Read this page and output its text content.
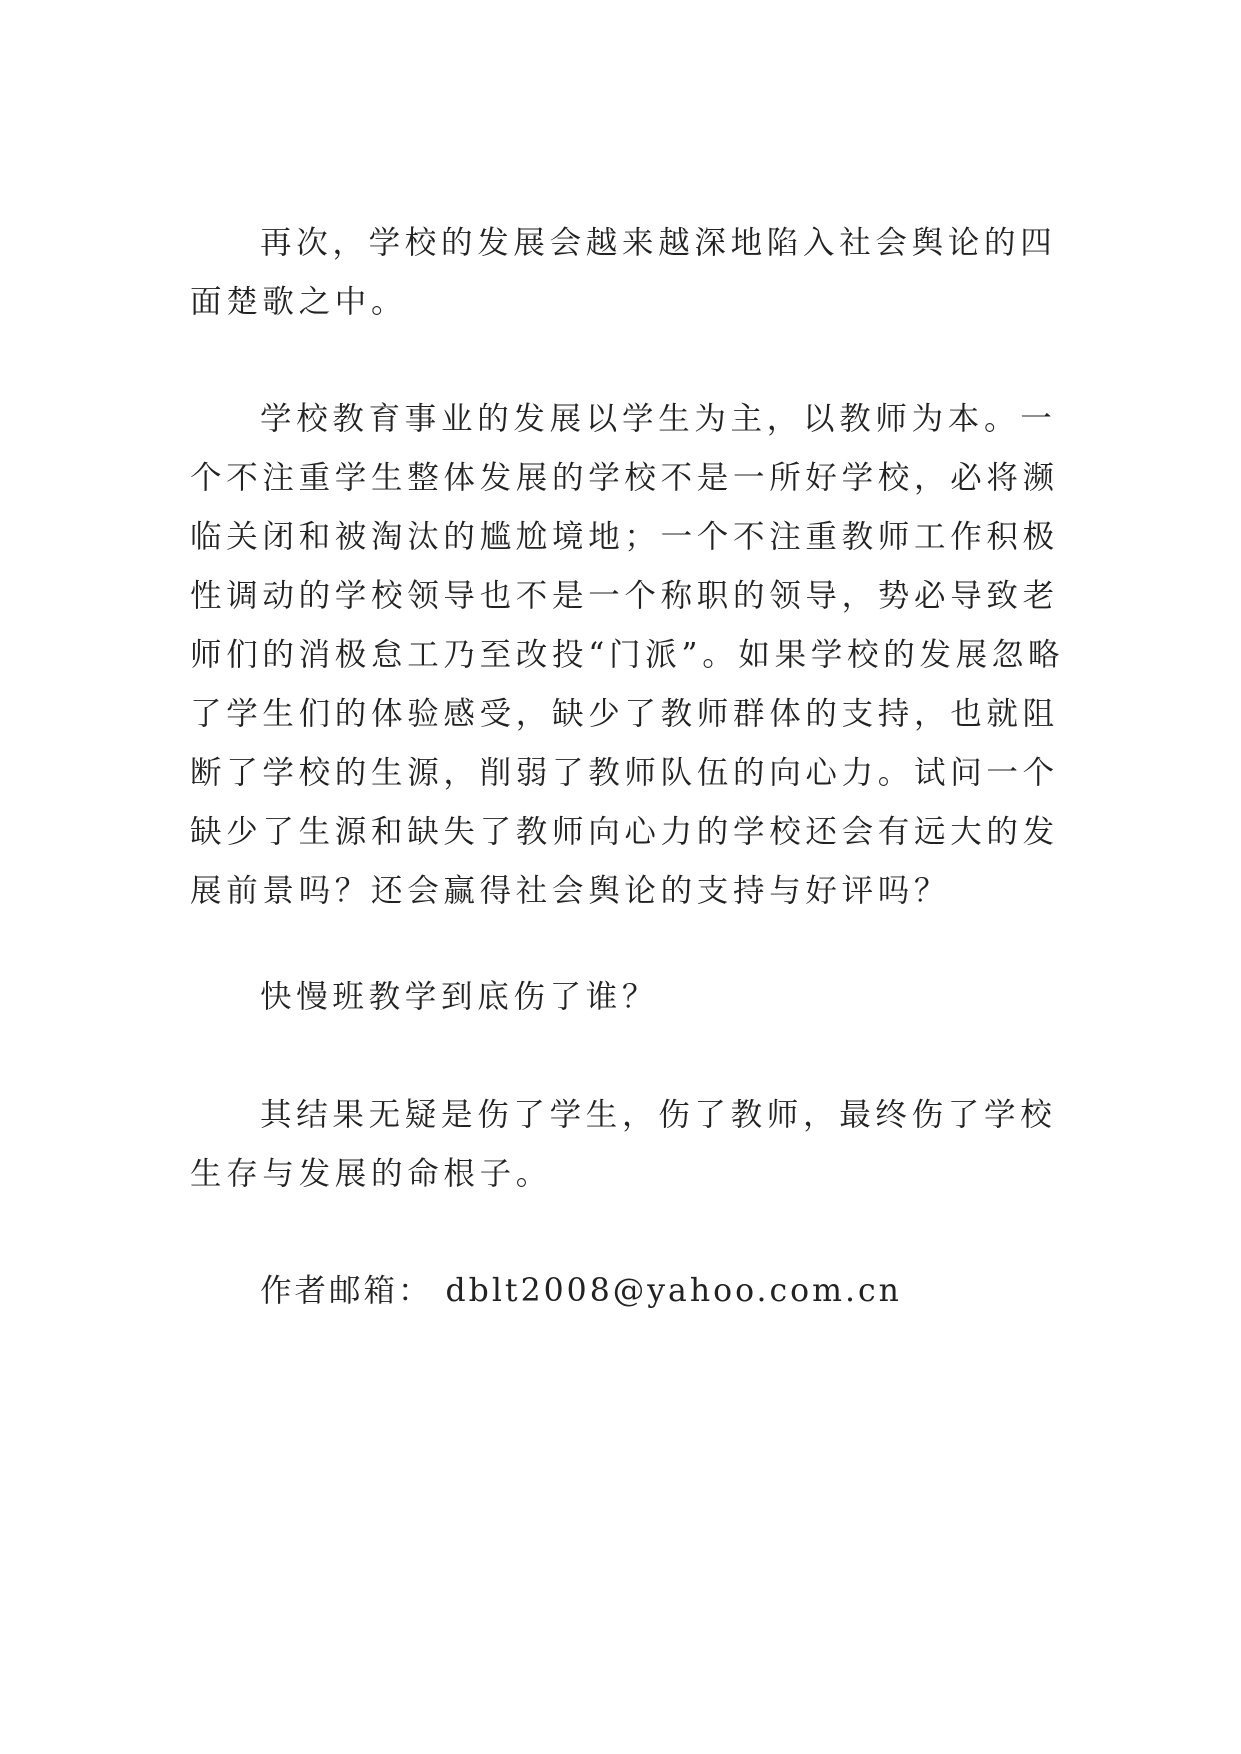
再次，学校的发展会越来越深地陷入社会舆论的四面楚歌之中。

学校教育事业的发展以学生为主，以教师为本。一个不注重学生整体发展的学校不是一所好学校，必将濒临关闭和被淘汰的尴尬境地；一个不注重教师工作积极性调动的学校领导也不是一个称职的领导，势必导致老师们的消极怠工乃至改投“门派”。如果学校的发展忽略了学生们的体验感受，缺少了教师群体的支持，也就阻断了学校的生源，削弱了教师队伍的向心力。试问一个缺少了生源和缺失了教师向心力的学校还会有远大的发展前景吗？还会赢得社会舆论的支持与好评吗？

快慢班教学到底伤了谁？

其结果无疑是伤了学生，伤了教师，最终伤了学校生存与发展的命根子。

作者邮箱： dblt2008@yahoo.com.cn
